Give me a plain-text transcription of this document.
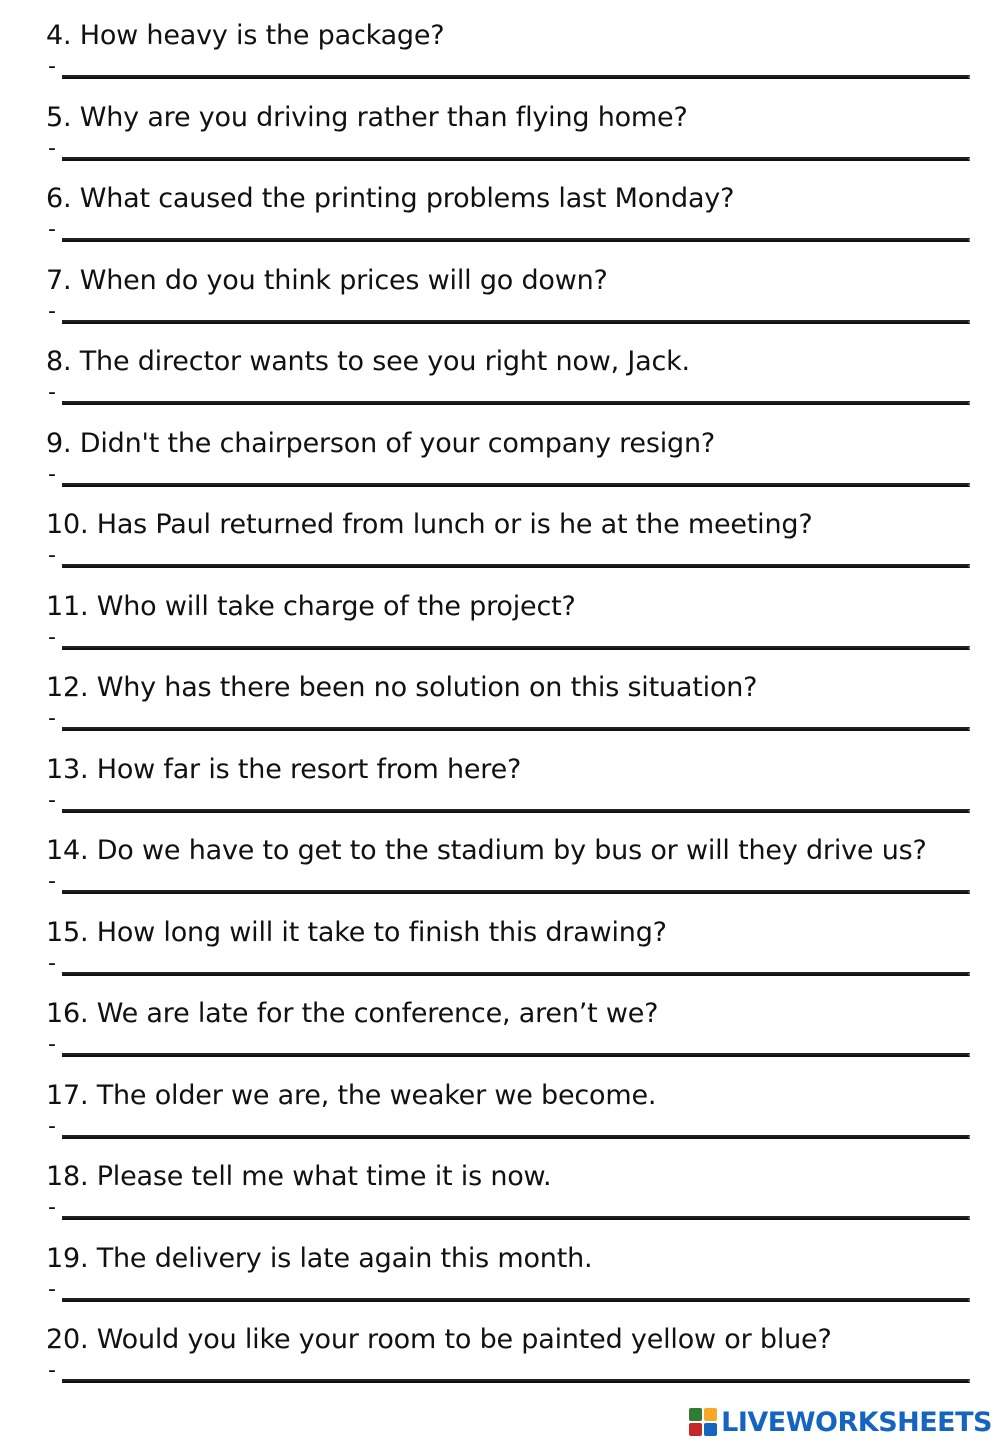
4. How heavy is the package?
-
5. Why are you driving rather than flying home?
-
6. What caused the printing problems last Monday?
-
7. When do you think prices will go down?
-
8. The director wants to see you right now, Jack.
-
9. Didn't the chairperson of your company resign?
-
10. Has Paul returned from lunch or is he at the meeting?
-
11. Who will take charge of the project?
-
12. Why has there been no solution on this situation?
-
13. How far is the resort from here?
-
14. Do we have to get to the stadium by bus or will they drive us?
-
15. How long will it take to finish this drawing?
-
16. We are late for the conference, aren’t we?
-
17. The older we are, the weaker we become.
-
18. Please tell me what time it is now.
-
19. The delivery is late again this month.
-
20. Would you like your room to be painted yellow or blue?
-
LIVEWORKSHEETS
